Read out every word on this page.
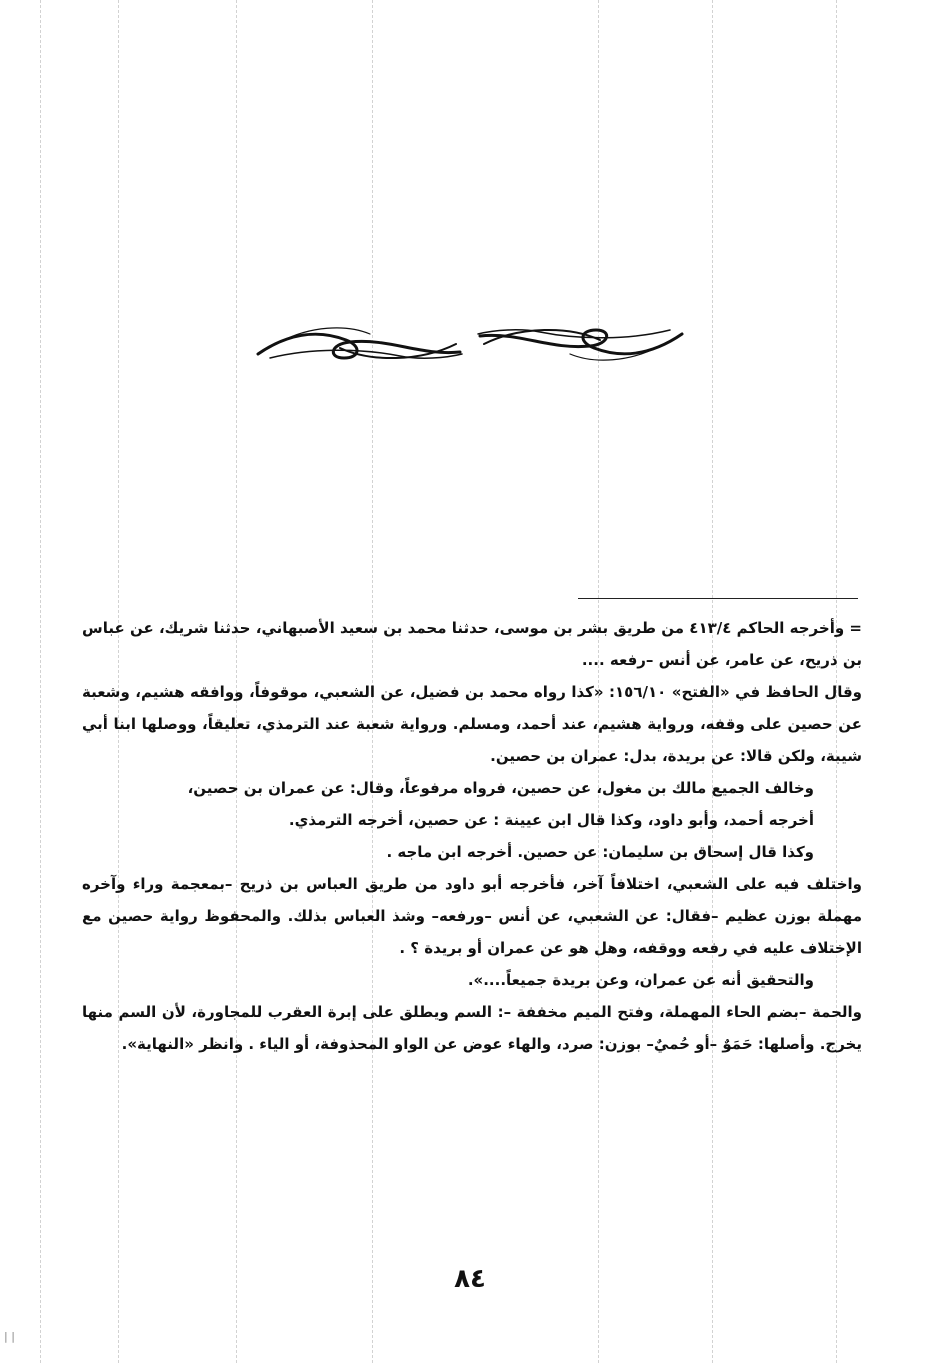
= وأخرجه الحاكم ٤١٣/٤ من طريق بشر بن موسى، حدثنا محمد بن سعيد الأصبهاني، حدثنا شريك، عن عباس بن ذريح، عن عامر، عن أنس –رفعه ....

وقال الحافظ في «الفتح» ١٥٦/١٠: «كذا رواه محمد بن فضيل، عن الشعبي، موقوفاً، ووافقه هشيم، وشعبة عن حصين على وقفه، ورواية هشيم، عند أحمد، ومسلم. ورواية شعبة عند الترمذي، تعليقاً، ووصلها ابنا أبي شيبة، ولكن قالا: عن بريدة، بدل: عمران بن حصين.

وخالف الجميع مالك بن مغول، عن حصين، فرواه مرفوعاً، وقال: عن عمران بن حصين،

أخرجه أحمد، وأبو داود، وكذا قال ابن عيينة : عن حصين، أخرجه الترمذي.

وكذا قال إسحاق بن سليمان: عن حصين. أخرجه ابن ماجه .

واختلف فيه على الشعبي، اختلافاً آخر، فأخرجه أبو داود من طريق العباس بن ذريح –بمعجمة وراء وآخره مهملة بوزن عظيم –فقال: عن الشعبي، عن أنس –ورفعه– وشذ العباس بذلك. والمحفوظ رواية حصين مع الإختلاف عليه في رفعه ووقفه، وهل هو عن عمران أو بريدة ؟ .

والتحقيق أنه عن عمران، وعن بريدة جميعاً....».

والحمة –بضم الحاء المهملة، وفتح الميم مخففة –: السم ويطلق على إبرة العقرب للمجاورة، لأن السم منها يخرج. وأصلها: حَمَوٌ –أو حُميٌ– بوزن: صرد، والهاء عوض عن الواو المحذوفة، أو الياء . وانظر «النهاية».

٨٤
| |
